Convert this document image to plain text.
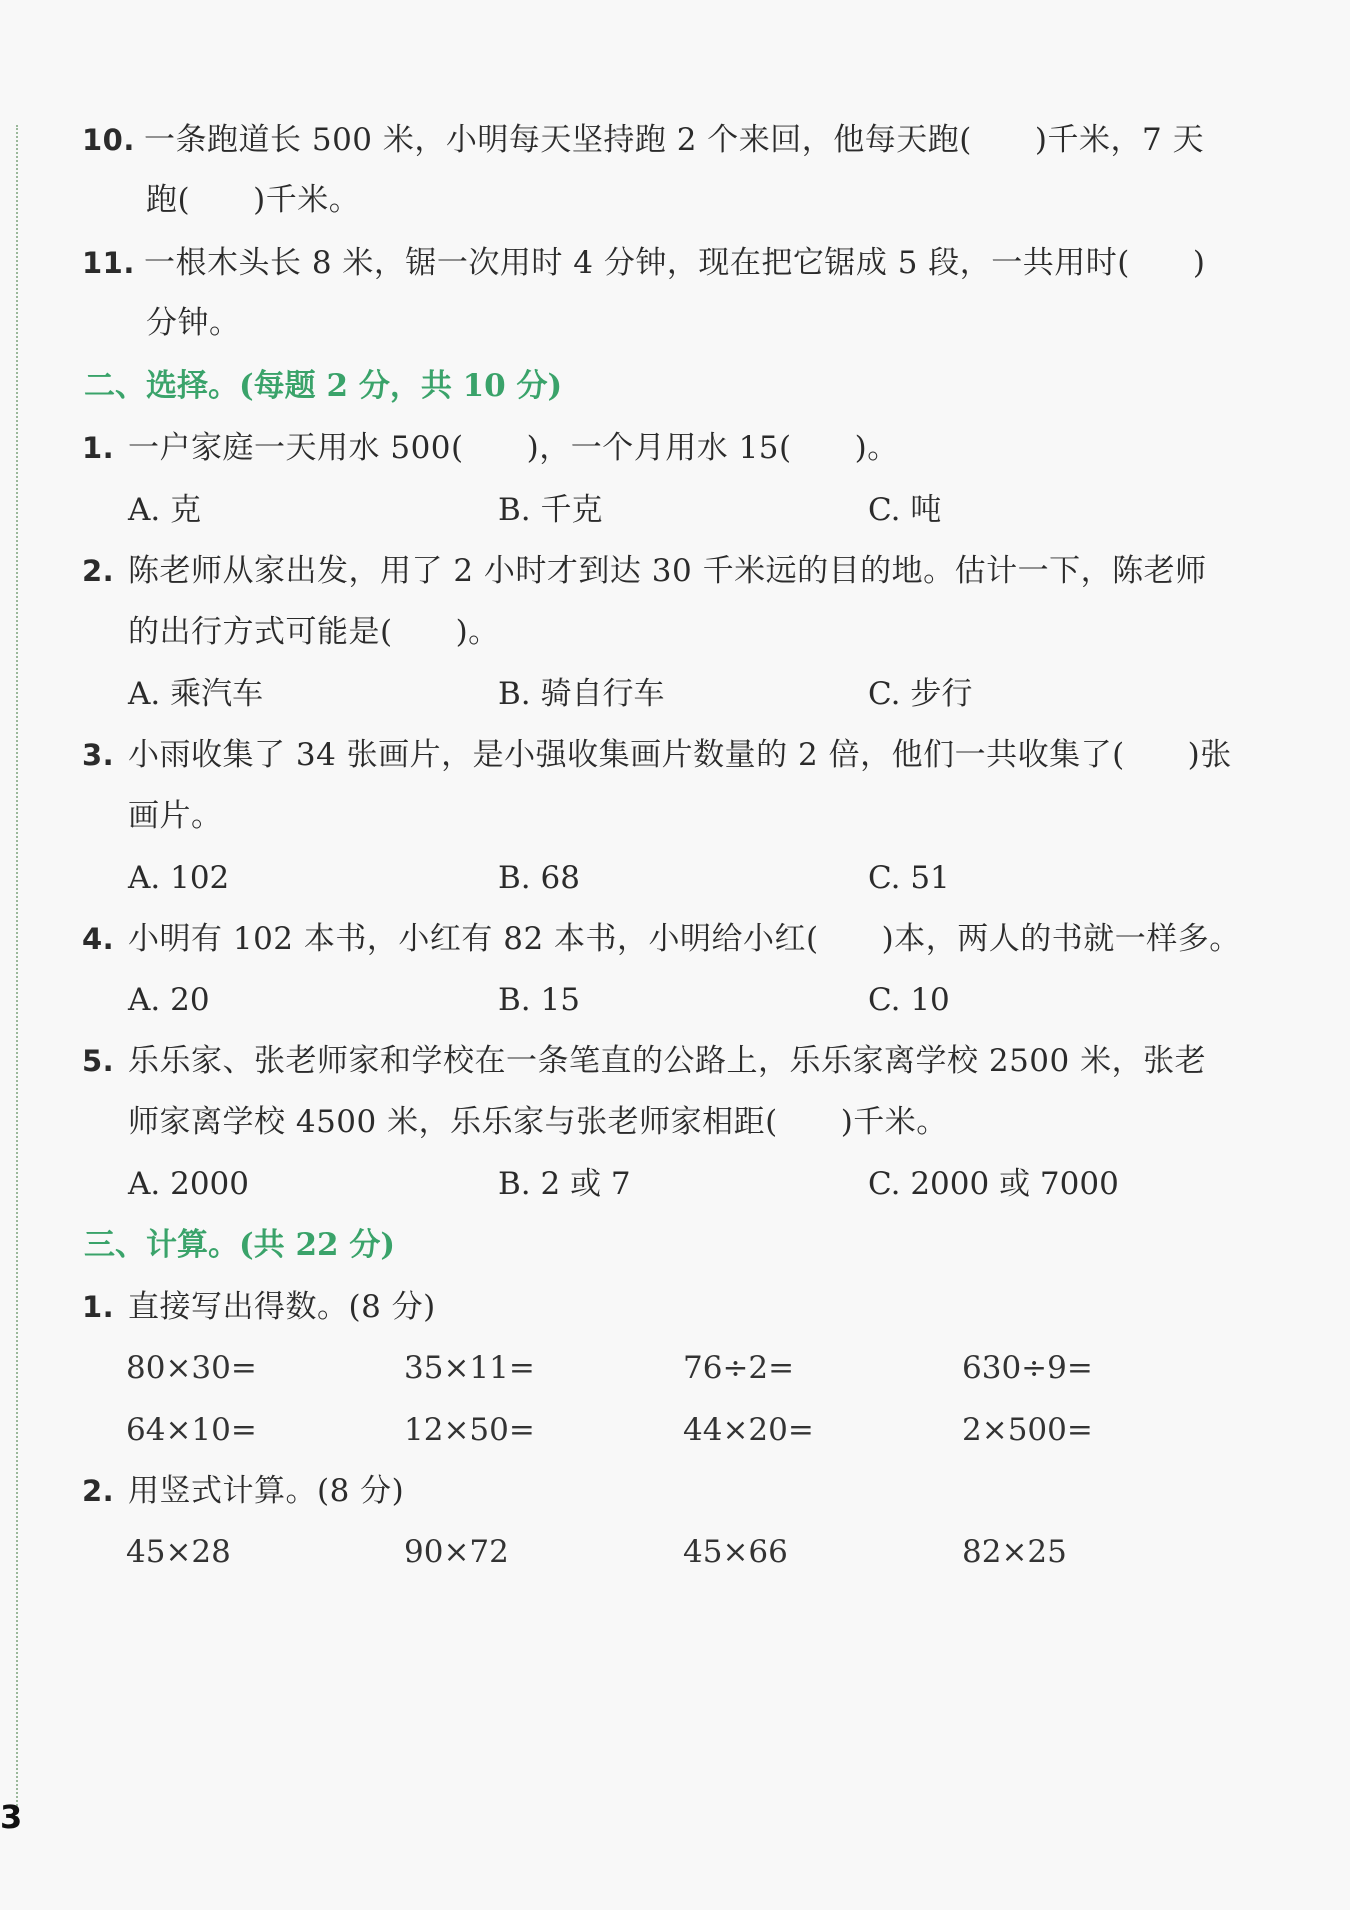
10. 一条跑道长 500 米，小明每天坚持跑 2 个来回，他每天跑(　　)千米，7 天
跑(　　)千米。
11. 一根木头长 8 米，锯一次用时 4 分钟，现在把它锯成 5 段，一共用时(　　)
分钟。
二、选择。(每题 2 分，共 10 分)
1. 一户家庭一天用水 500(　　)，一个月用水 15(　　)。
A. 克	B. 千克	C. 吨
2. 陈老师从家出发，用了 2 小时才到达 30 千米远的目的地。估计一下，陈老师
的出行方式可能是(　　)。
A. 乘汽车	B. 骑自行车	C. 步行
3. 小雨收集了 34 张画片，是小强收集画片数量的 2 倍，他们一共收集了(　　)张
画片。
A. 102	B. 68	C. 51
4. 小明有 102 本书，小红有 82 本书，小明给小红(　　)本，两人的书就一样多。
A. 20	B. 15	C. 10
5. 乐乐家、张老师家和学校在一条笔直的公路上，乐乐家离学校 2500 米，张老
师家离学校 4500 米，乐乐家与张老师家相距(　　)千米。
A. 2000	B. 2 或 7	C. 2000 或 7000
三、计算。(共 22 分)
1. 直接写出得数。(8 分)
80×30=	35×11=	76÷2=	630÷9=
64×10=	12×50=	44×20=	2×500=
2. 用竖式计算。(8 分)
45×28	90×72	45×66	82×25
3
